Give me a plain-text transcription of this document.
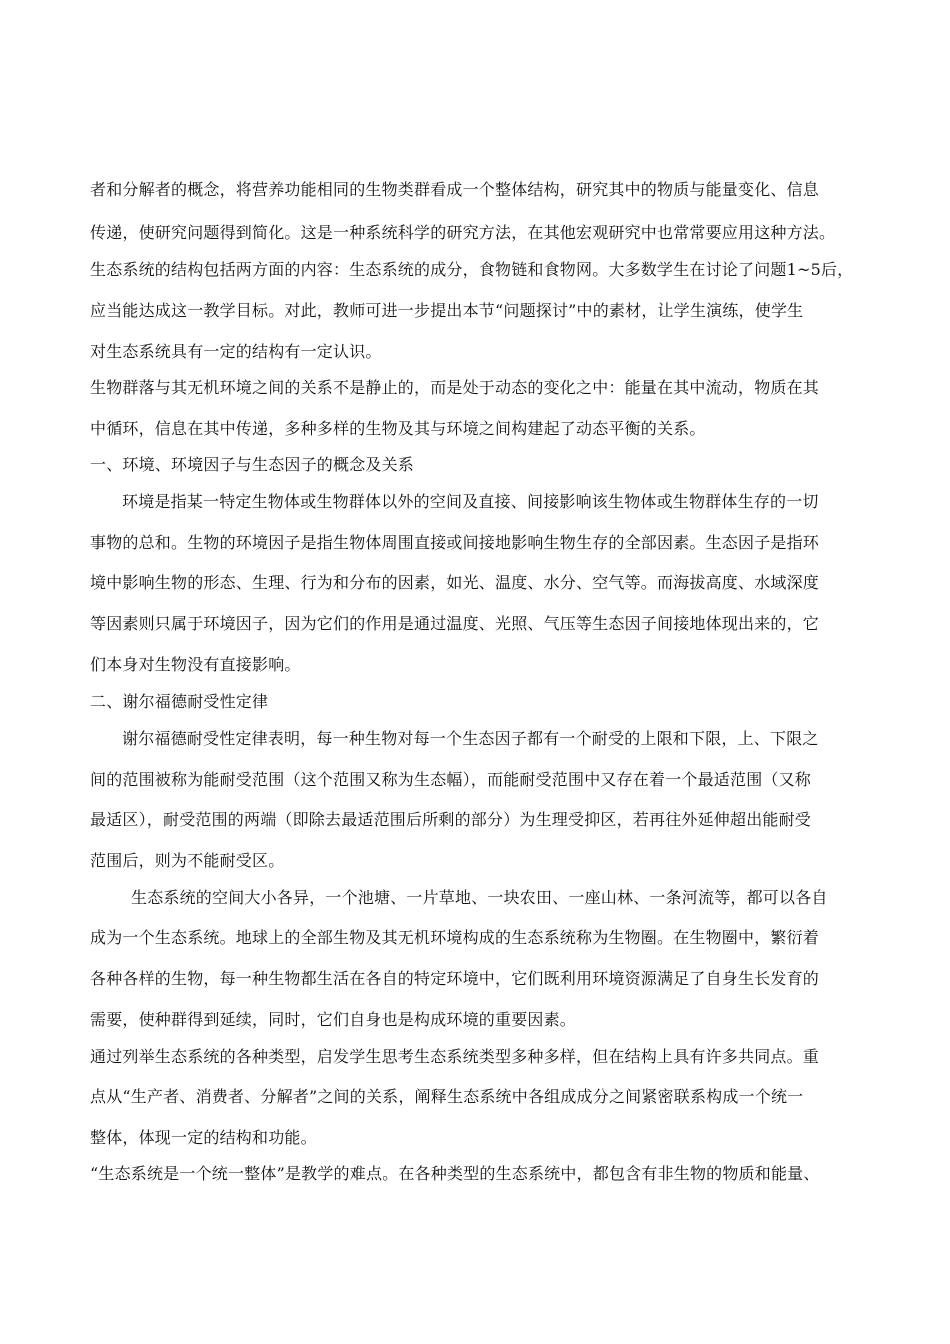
者和分解者的概念，将营养功能相同的生物类群看成一个整体结构，研究其中的物质与能量变化、信息
传递，使研究问题得到简化。这是一种系统科学的研究方法，在其他宏观研究中也常常要应用这种方法。
生态系统的结构包括两方面的内容：生态系统的成分，食物链和食物网。大多数学生在讨论了问题1~5后，
应当能达成这一教学目标。对此，教师可进一步提出本节“问题探讨”中的素材，让学生演练，使学生
对生态系统具有一定的结构有一定认识。
生物群落与其无机环境之间的关系不是静止的，而是处于动态的变化之中：能量在其中流动，物质在其
中循环，信息在其中传递，多种多样的生物及其与环境之间构建起了动态平衡的关系。
一、环境、环境因子与生态因子的概念及关系
环境是指某一特定生物体或生物群体以外的空间及直接、间接影响该生物体或生物群体生存的一切
事物的总和。生物的环境因子是指生物体周围直接或间接地影响生物生存的全部因素。生态因子是指环
境中影响生物的形态、生理、行为和分布的因素，如光、温度、水分、空气等。而海拔高度、水域深度
等因素则只属于环境因子，因为它们的作用是通过温度、光照、气压等生态因子间接地体现出来的，它
们本身对生物没有直接影响。
二、谢尔福德耐受性定律
谢尔福德耐受性定律表明，每一种生物对每一个生态因子都有一个耐受的上限和下限，上、下限之
间的范围被称为能耐受范围（这个范围又称为生态幅），而能耐受范围中又存在着一个最适范围（又称
最适区），耐受范围的两端（即除去最适范围后所剩的部分）为生理受抑区，若再往外延伸超出能耐受
范围后，则为不能耐受区。
生态系统的空间大小各异，一个池塘、一片草地、一块农田、一座山林、一条河流等，都可以各自
成为一个生态系统。地球上的全部生物及其无机环境构成的生态系统称为生物圈。在生物圈中，繁衍着
各种各样的生物，每一种生物都生活在各自的特定环境中，它们既利用环境资源满足了自身生长发育的
需要，使种群得到延续，同时，它们自身也是构成环境的重要因素。
通过列举生态系统的各种类型，启发学生思考生态系统类型多种多样，但在结构上具有许多共同点。重
点从“生产者、消费者、分解者”之间的关系，阐释生态系统中各组成成分之间紧密联系构成一个统一
整体，体现一定的结构和功能。
“生态系统是一个统一整体”是教学的难点。在各种类型的生态系统中，都包含有非生物的物质和能量、
